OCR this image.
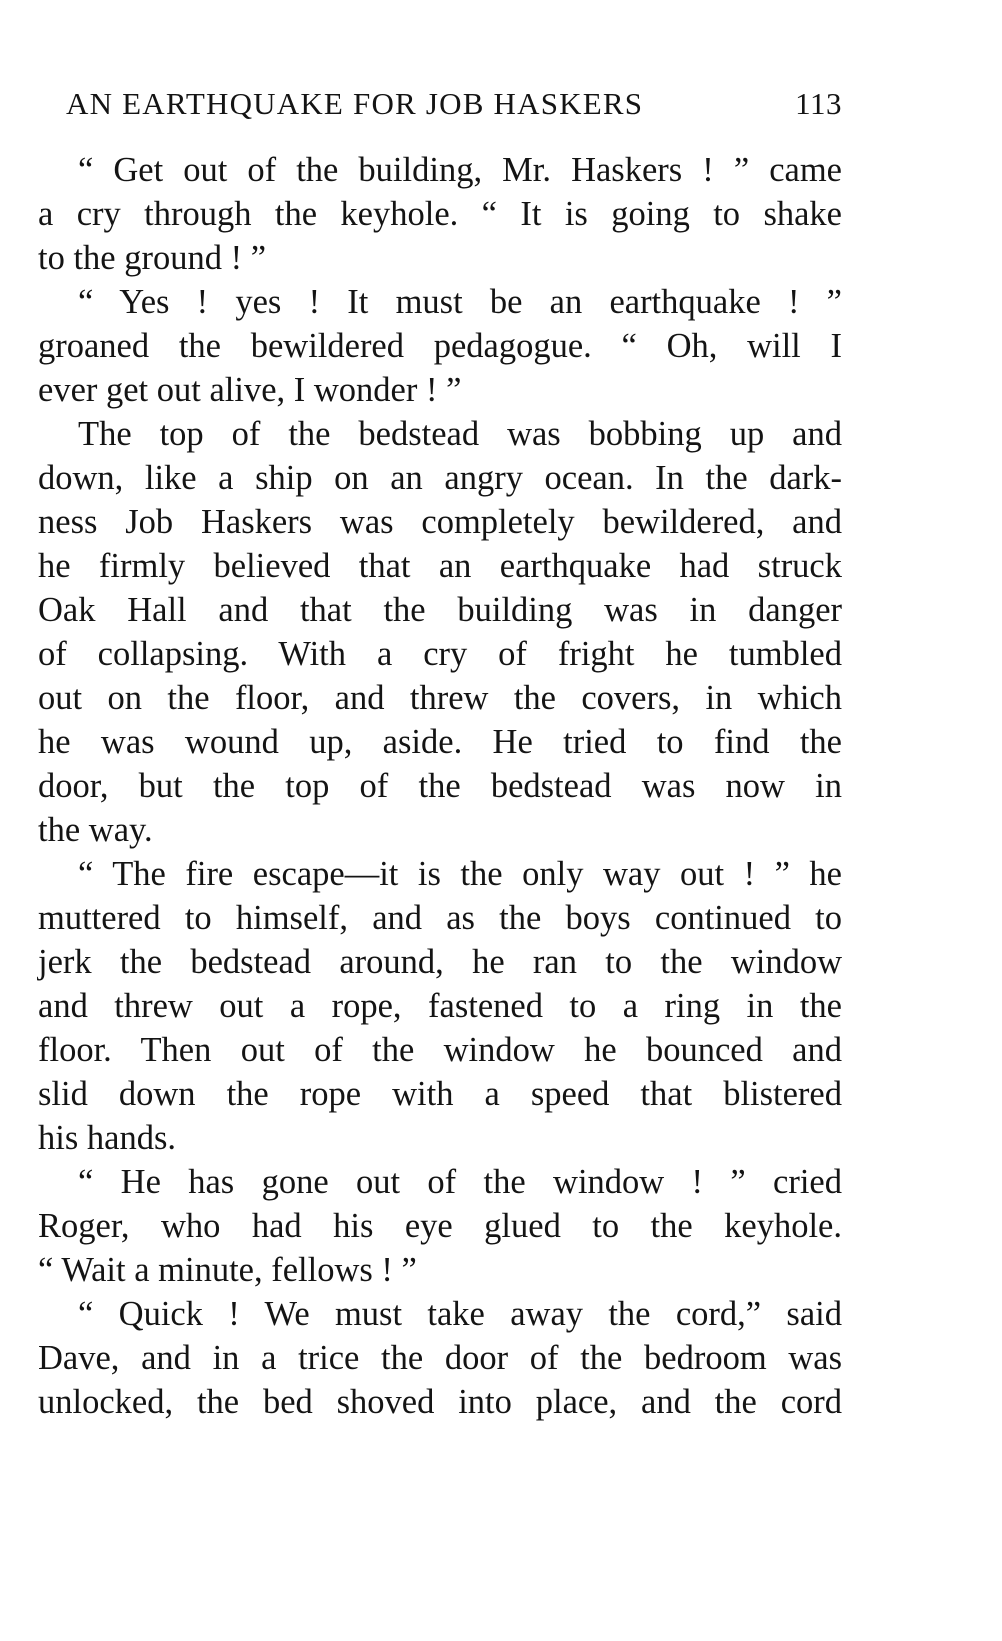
AN EARTHQUAKE FOR JOB HASKERS	113

“ Get out of the building, Mr. Haskers ! ” came
a cry through the keyhole. “ It is going to shake
to the ground ! ”

“ Yes ! yes ! It must be an earthquake ! ”
groaned the bewildered pedagogue. “ Oh, will I
ever get out alive, I wonder ! ”

The top of the bedstead was bobbing up and
down, like a ship on an angry ocean. In the dark-
ness Job Haskers was completely bewildered, and
he firmly believed that an earthquake had struck
Oak Hall and that the building was in danger
of collapsing. With a cry of fright he tumbled
out on the floor, and threw the covers, in which
he was wound up, aside. He tried to find the
door, but the top of the bedstead was now in
the way.

“ The fire escape—it is the only way out ! ” he
muttered to himself, and as the boys continued to
jerk the bedstead around, he ran to the window
and threw out a rope, fastened to a ring in the
floor. Then out of the window he bounced and
slid down the rope with a speed that blistered
his hands.

“ He has gone out of the window ! ” cried
Roger, who had his eye glued to the keyhole.
“ Wait a minute, fellows ! ”

“ Quick ! We must take away the cord,” said
Dave, and in a trice the door of the bedroom was
unlocked, the bed shoved into place, and the cord
